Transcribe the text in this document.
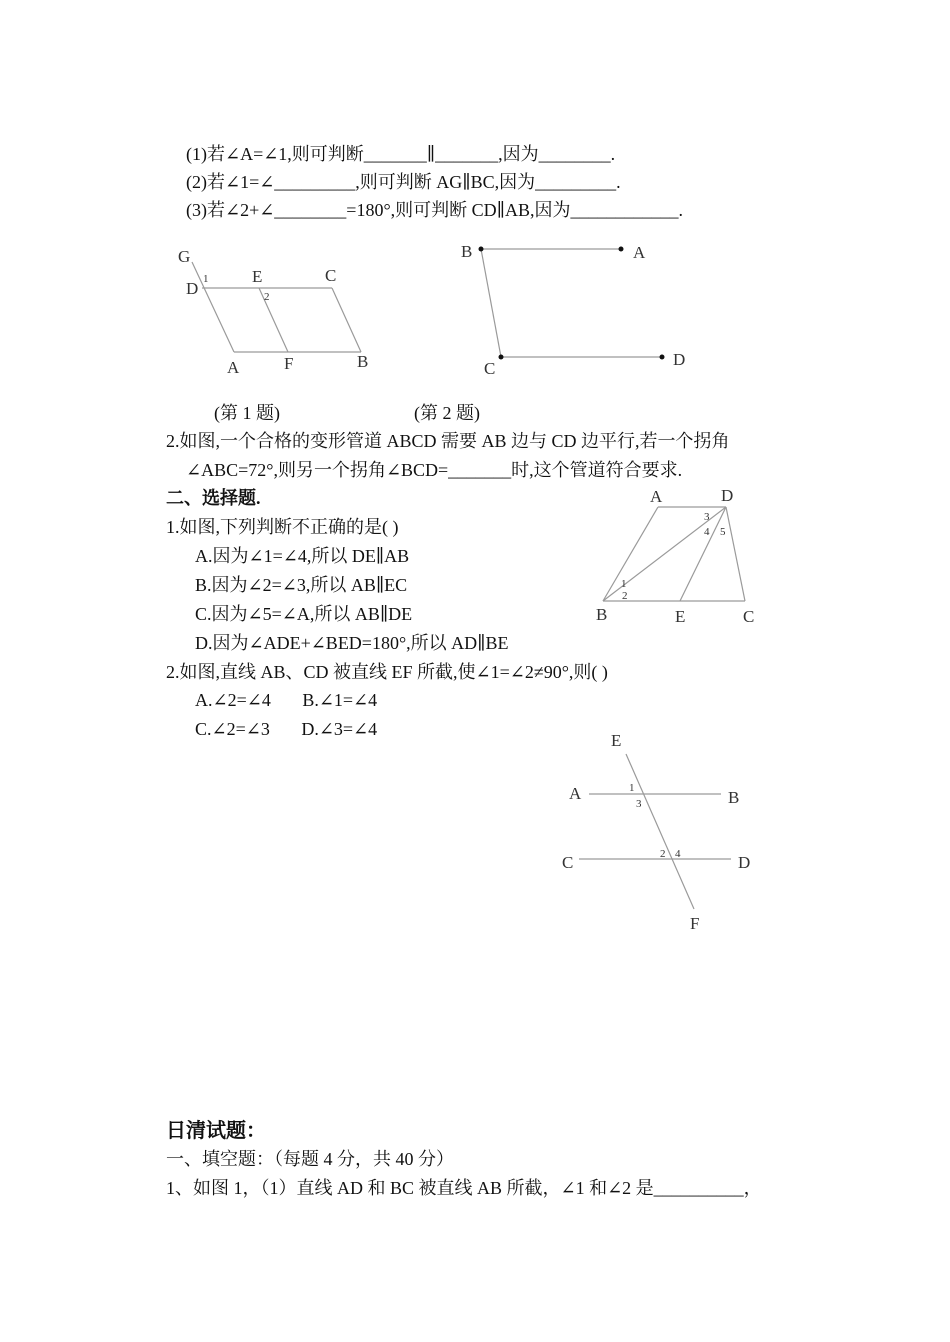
(1)若∠A=∠1,则可判断_______∥_______,因为________.
(2)若∠1=∠_________,则可判断 AG∥BC,因为_________.
(3)若∠2+∠________=180°,则可判断 CD∥AB,因为____________.
G
D
E	C
A	F	B
1
2
B	A
C	D
(第 1 题)	(第 2 题)
2.如图,一个合格的变形管道 ABCD 需要 AB 边与 CD 边平行,若一个拐角
∠ABC=72°,则另一个拐角∠BCD=_______时,这个管道符合要求.
二、选择题.
1.如图,下列判断不正确的是( )
A.因为∠1=∠4,所以 DE∥AB
B.因为∠2=∠3,所以 AB∥EC
C.因为∠5=∠A,所以 AB∥DE
D.因为∠ADE+∠BED=180°,所以 AD∥BE
2.如图,直线 AB、CD 被直线 EF 所截,使∠1=∠2≠90°,则( )
A.∠2=∠4       B.∠1=∠4
C.∠2=∠3       D.∠3=∠4
A	D
B	E	C
1
2
3
4 5
E
A	B
C	D
F
1
2
3
4
日清试题：
一、填空题：（每题 4 分，共 40 分）
1、如图 1，（1）直线 AD 和 BC 被直线 AB 所截，∠1 和∠2 是__________，
